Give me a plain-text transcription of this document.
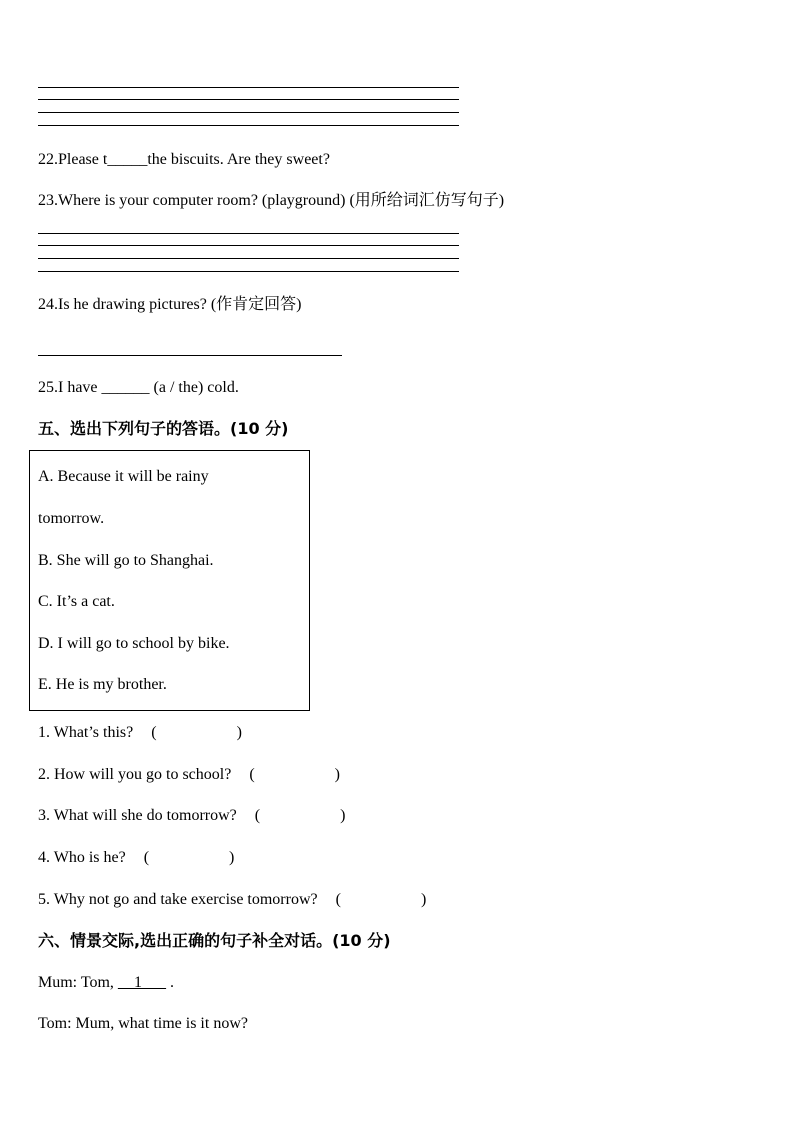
22.Please t_____the biscuits. Are they sweet?
23.Where is your computer room? (playground) (用所给词汇仿写句子)
24.Is he drawing pictures? (作肯定回答)
25.I have ______ (a / the) cold.
五、选出下列句子的答语。(10 分)
A. Because it will be rainy
tomorrow.
B. She will go to Shanghai.
C. It’s a cat.
D. I will go to school by bike.
E. He is my brother.
1. What’s this? (	)
2. How will you go to school? (	)
3. What will she do tomorrow? (	)
4. Who is he? (	)
5. Why not go and take exercise tomorrow? (	)
六、情景交际,选出正确的句子补全对话。(10 分)
Mum: Tom, __1___ .
Tom: Mum, what time is it now?
